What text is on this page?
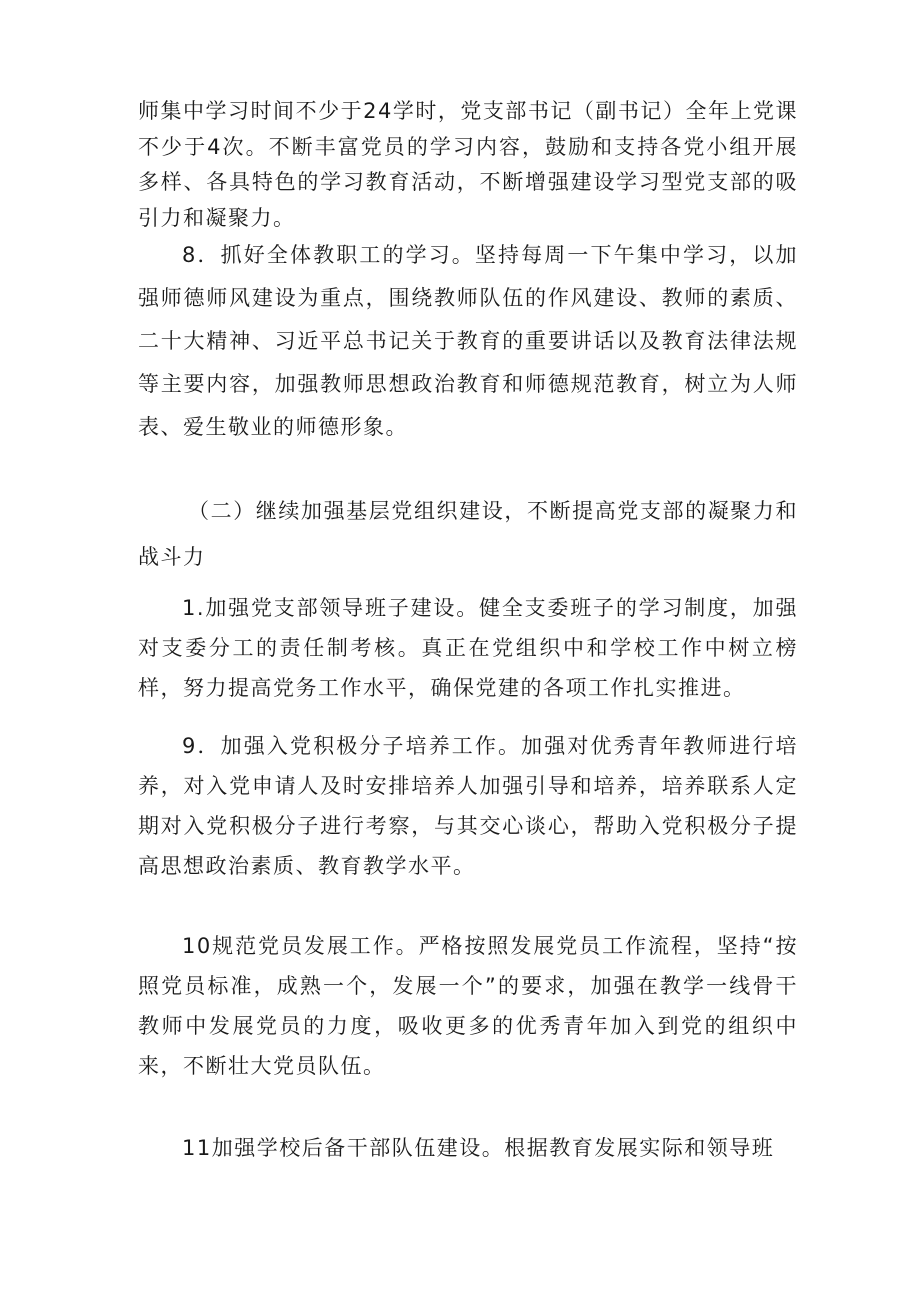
师集中学习时间不少于24学时，党支部书记（副书记）全年上党课不少于4次。不断丰富党员的学习内容，鼓励和支持各党小组开展多样、各具特色的学习教育活动，不断增强建设学习型党支部的吸引力和凝聚力。

8．抓好全体教职工的学习。坚持每周一下午集中学习，以加强师德师风建设为重点，围绕教师队伍的作风建设、教师的素质、二十大精神、习近平总书记关于教育的重要讲话以及教育法律法规等主要内容，加强教师思想政治教育和师德规范教育，树立为人师表、爱生敬业的师德形象。

（二）继续加强基层党组织建设，不断提高党支部的凝聚力和战斗力

1.加强党支部领导班子建设。健全支委班子的学习制度，加强对支委分工的责任制考核。真正在党组织中和学校工作中树立榜样，努力提高党务工作水平，确保党建的各项工作扎实推进。

9．加强入党积极分子培养工作。加强对优秀青年教师进行培养，对入党申请人及时安排培养人加强引导和培养，培养联系人定期对入党积极分子进行考察，与其交心谈心，帮助入党积极分子提高思想政治素质、教育教学水平。

10规范党员发展工作。严格按照发展党员工作流程，坚持“按照党员标准，成熟一个，发展一个”的要求，加强在教学一线骨干教师中发展党员的力度，吸收更多的优秀青年加入到党的组织中来，不断壮大党员队伍。

11加强学校后备干部队伍建设。根据教育发展实际和领导班
